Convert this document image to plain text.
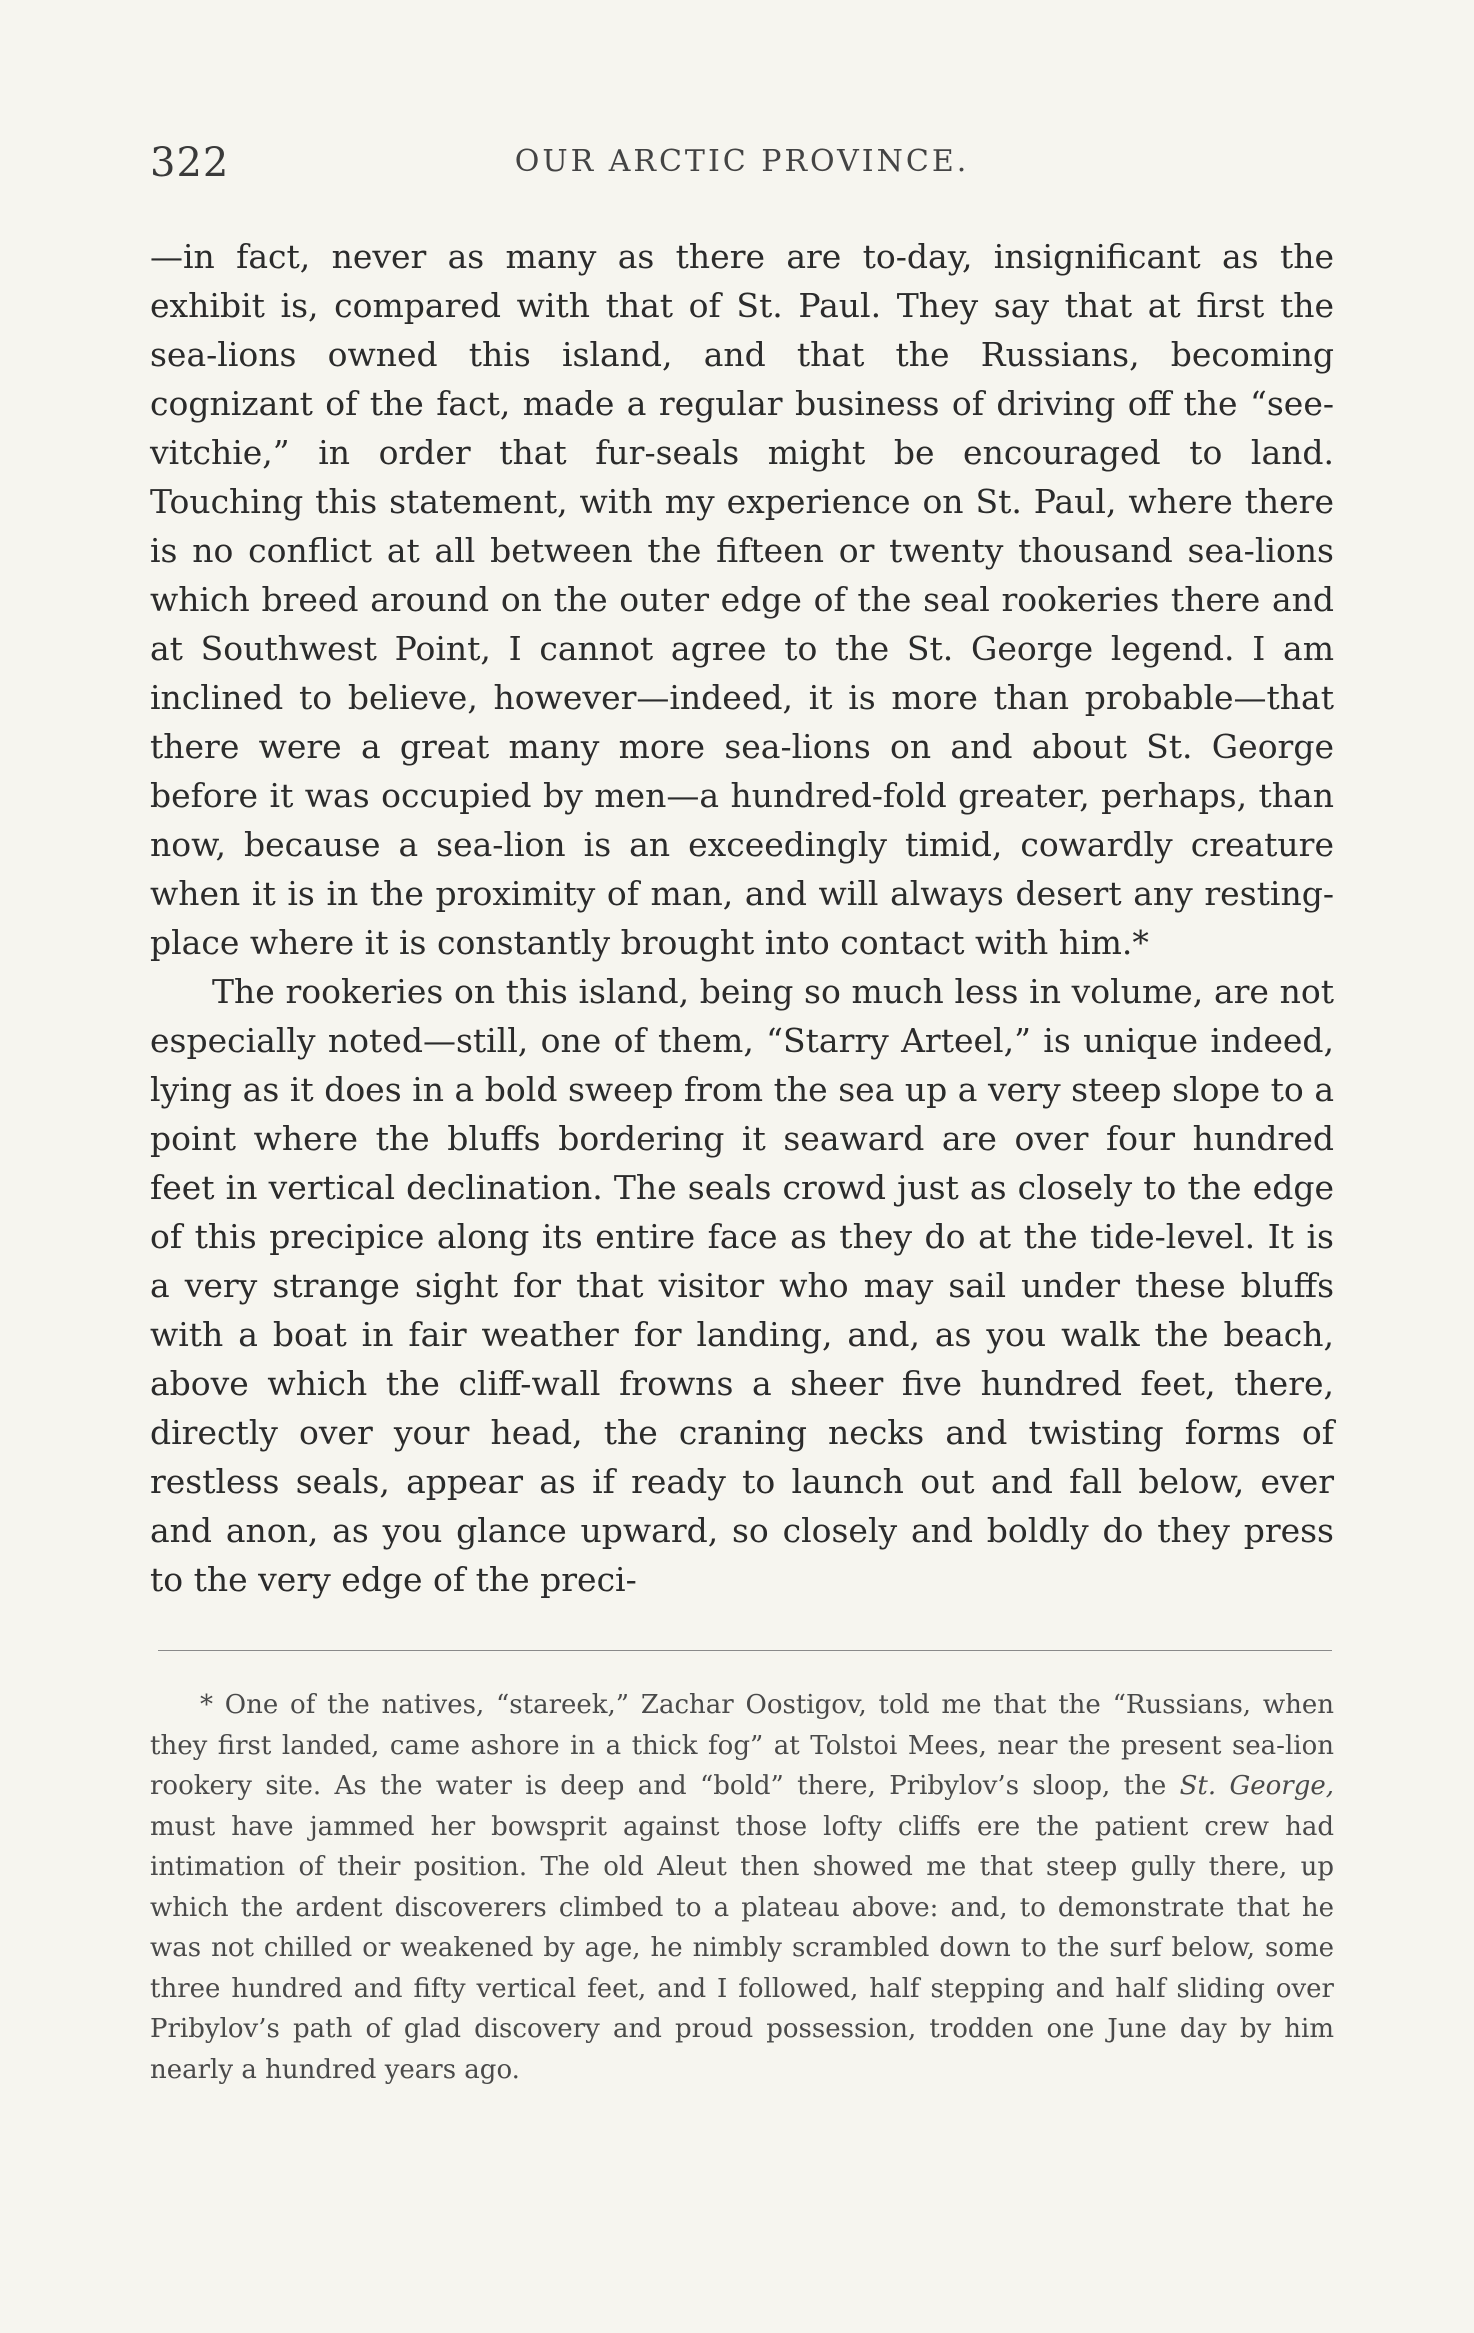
322	OUR ARCTIC PROVINCE.

—in fact, never as many as there are to-day, insignificant as the exhibit is, compared with that of St. Paul. They say that at first the sea-lions owned this island, and that the Russians, becoming cognizant of the fact, made a regular business of driving off the “see-vitchie,” in order that fur-seals might be encouraged to land. Touching this statement, with my experience on St. Paul, where there is no conflict at all between the fifteen or twenty thousand sea-lions which breed around on the outer edge of the seal rookeries there and at Southwest Point, I cannot agree to the St. George legend. I am inclined to believe, however—indeed, it is more than probable—that there were a great many more sea-lions on and about St. George before it was occupied by men—a hundred-fold greater, perhaps, than now, because a sea-lion is an exceedingly timid, cowardly creature when it is in the proximity of man, and will always desert any resting-place where it is constantly brought into contact with him.*

The rookeries on this island, being so much less in volume, are not especially noted—still, one of them, “Starry Arteel,” is unique indeed, lying as it does in a bold sweep from the sea up a very steep slope to a point where the bluffs bordering it seaward are over four hundred feet in vertical declination. The seals crowd just as closely to the edge of this precipice along its entire face as they do at the tide-level. It is a very strange sight for that visitor who may sail under these bluffs with a boat in fair weather for landing, and, as you walk the beach, above which the cliff-wall frowns a sheer five hundred feet, there, directly over your head, the craning necks and twisting forms of restless seals, appear as if ready to launch out and fall below, ever and anon, as you glance upward, so closely and boldly do they press to the very edge of the preci-

* One of the natives, “stareek,” Zachar Oostigov, told me that the “Russians, when they first landed, came ashore in a thick fog” at Tolstoi Mees, near the present sea-lion rookery site. As the water is deep and “bold” there, Pribylov’s sloop, the St. George, must have jammed her bowsprit against those lofty cliffs ere the patient crew had intimation of their position. The old Aleut then showed me that steep gully there, up which the ardent discoverers climbed to a plateau above: and, to demonstrate that he was not chilled or weakened by age, he nimbly scrambled down to the surf below, some three hundred and fifty vertical feet, and I followed, half stepping and half sliding over Pribylov’s path of glad discovery and proud possession, trodden one June day by him nearly a hundred years ago.
